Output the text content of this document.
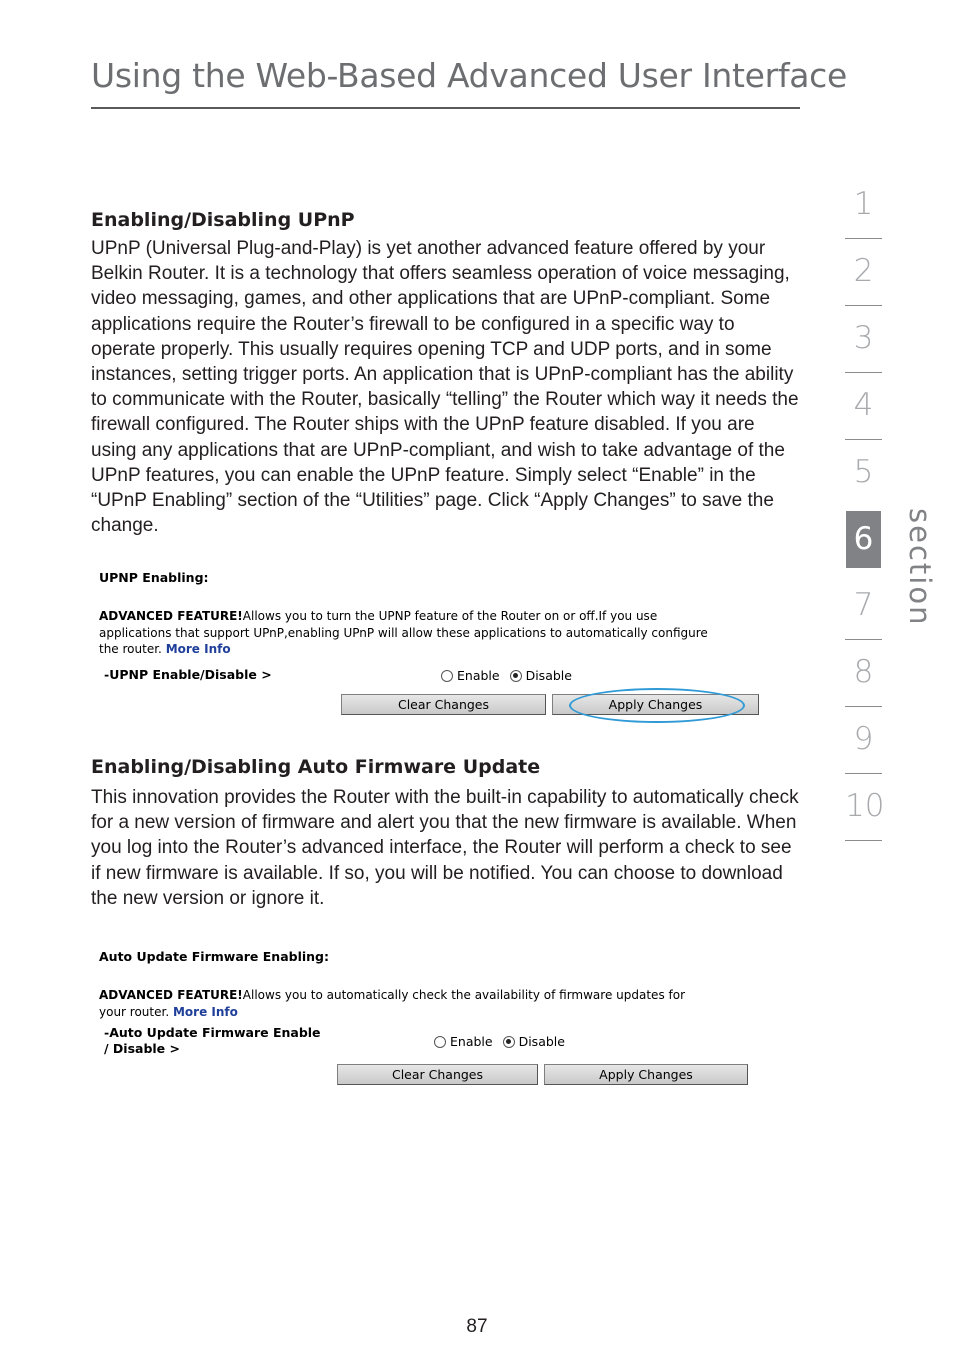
Using the Web-Based Advanced User Interface
Enabling/Disabling UPnP
UPnP (Universal Plug-and-Play) is yet another advanced feature offered by your Belkin Router. It is a technology that offers seamless operation of voice messaging, video messaging, games, and other applications that are UPnP-compliant. Some applications require the Router’s firewall to be configured in a specific way to operate properly. This usually requires opening TCP and UDP ports, and in some instances, setting trigger ports. An application that is UPnP-compliant has the ability to communicate with the Router, basically “telling” the Router which way it needs the firewall configured. The Router ships with the UPnP feature disabled. If you are using any applications that are UPnP-compliant, and wish to take advantage of the UPnP features, you can enable the UPnP feature. Simply select “Enable” in the “UPnP Enabling” section of the “Utilities” page. Click “Apply Changes” to save the change.
UPNP Enabling:
ADVANCED FEATURE!Allows you to turn the UPNP feature of the Router on or off.If you use
applications that support UPnP,enabling UPnP will allow these applications to automatically configure
the router. More Info
-UPNP Enable/Disable >	Enable Disable
Clear Changes	Apply Changes
Enabling/Disabling Auto Firmware Update
This innovation provides the Router with the built-in capability to automatically check for a new version of firmware and alert you that the new firmware is available. When you log into the Router’s advanced interface, the Router will perform a check to see if new firmware is available. If so, you will be notified. You can choose to download the new version or ignore it.
Auto Update Firmware Enabling:
ADVANCED FEATURE!Allows you to automatically check the availability of firmware updates for
your router. More Info
-Auto Update Firmware Enable
/ Disable >	Enable Disable
Clear Changes	Apply Changes
1
2
3
4
5
6
7
8
9
10
section
87
